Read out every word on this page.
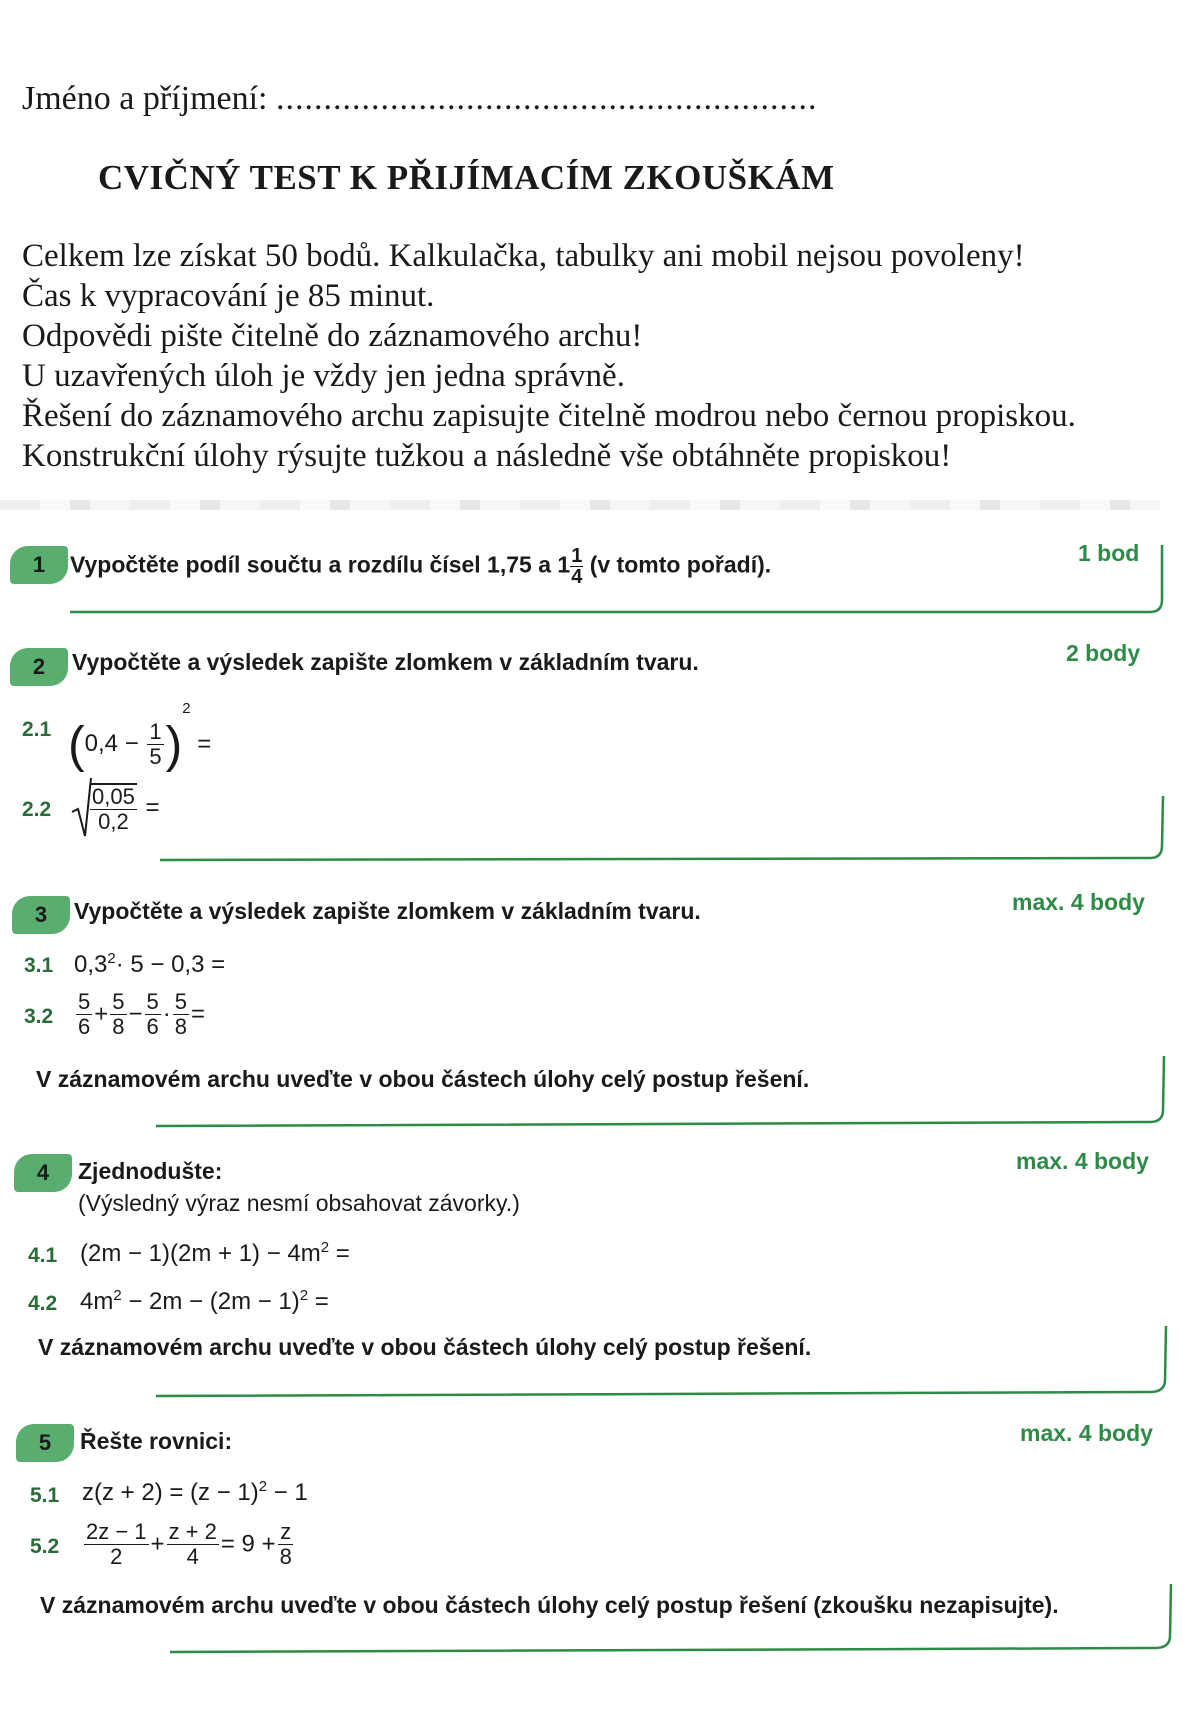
Jméno a příjmení: .........................................................
CVIČNÝ TEST K PŘIJÍMACÍM ZKOUŠKÁM
Celkem lze získat 50 bodů. Kalkulačka, tabulky ani mobil nejsou povoleny!
Čas k vypracování je 85 minut.
Odpovědi pište čitelně do záznamového archu!
U uzavřených úloh je vždy jen jedna správně.
Řešení do záznamového archu zapisujte čitelně modrou nebo černou propiskou.
Konstrukční úlohy rýsujte tužkou a následně vše obtáhněte propiskou!
1 Vypočtěte podíl součtu a rozdílu čísel 1,75 a $1 \frac{1}{4} (v$ tomto pořadí).	1 bod
2 Vypočtěte a výsledek zapište zlomkem v základním tvaru.	2 body
2.1 $(0,4 - \frac{1}{5} )^2$ =
$2.2 \frac{0,05}{0,2}$ =
3 Vypočtěte a výsledek zapište zlomkem v základním tvaru.	max. 4 body
3.1 $0,3^2\cdot 5 - 0,3$ =
$3.2 \frac{5}{6} + \frac{5}{8} - \frac{5}{6} \cdot \frac{5}{8}$ =
V záznamovém archu uveďte v obou částech úlohy celý postup řešení.
4 Zjednodušte:
(Výsledný výraz nesmí obsahovat závorky.)
max. 4 body
4.1 $(2m - 1)(2m + 1) - 4m^2$ =
4.2 $4m^2 - 2m - (2m - 1)^2$ =
V záznamovém archu uveďte v obou částech úlohy celý postup řešení.
5 Řešte rovnici:	max. 4 body
5.1 $z(z + 2) = (z - 1)^2 - 1$
$5.2 \frac{2z - 1}{2} + \frac{z + 2}{4} = 9 + \frac{z}{8}$
V záznamovém archu uveďte v obou částech úlohy celý postup řešení (zkoušku nezapisujte).
